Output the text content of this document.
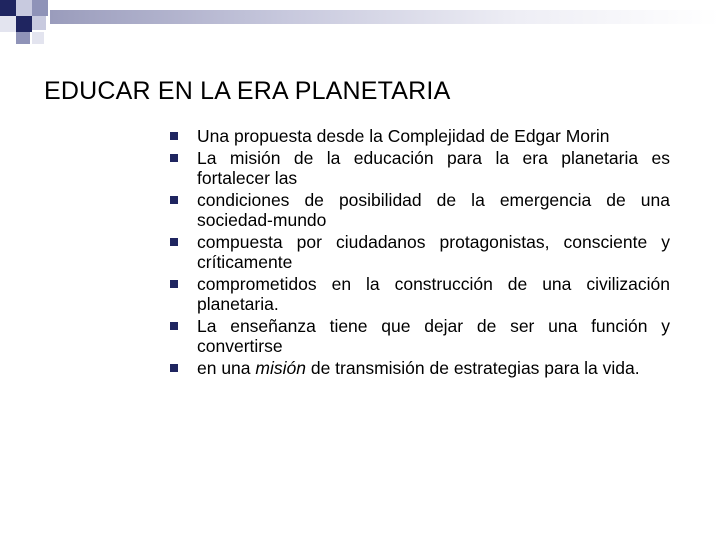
EDUCAR EN LA ERA PLANETARIA
Una propuesta desde la Complejidad de Edgar Morin
La misión de la educación para la era planetaria es fortalecer las
condiciones de posibilidad de la emergencia de una sociedad-mundo
compuesta por ciudadanos protagonistas, consciente y críticamente
comprometidos en la construcción de una civilización planetaria.
La enseñanza tiene que dejar de ser una función y convertirse
en una misión de transmisión de estrategias para la vida.
